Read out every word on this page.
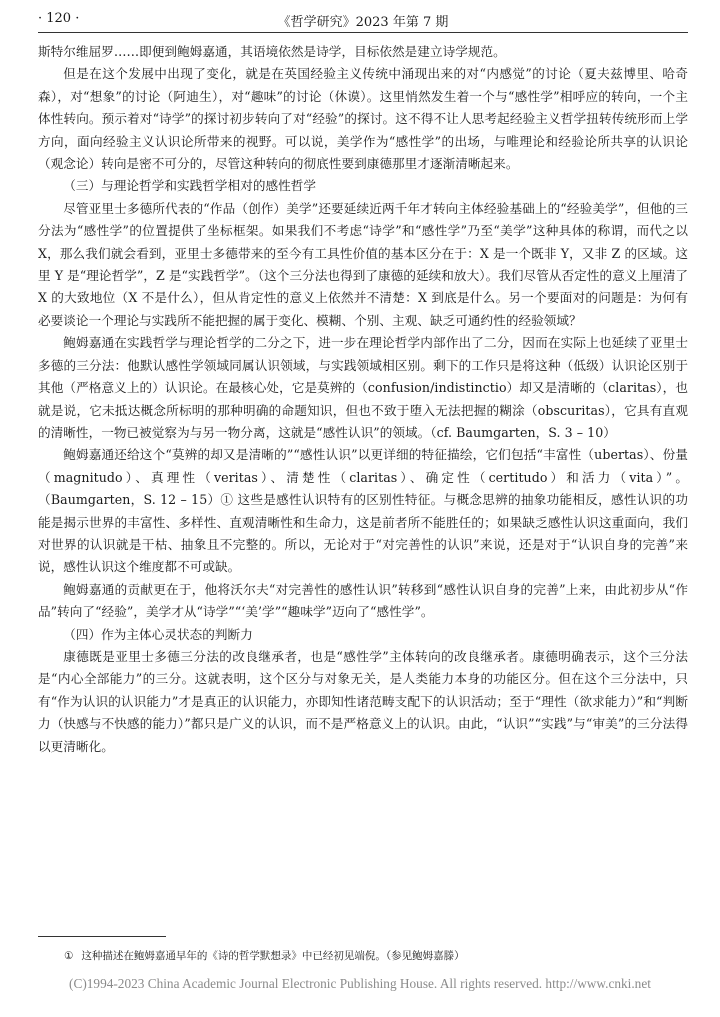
· 120 ·	《哲学研究》2023 年第 7 期

斯特尔维屈罗……即便到鲍姆嘉通，其语境依然是诗学，目标依然是建立诗学规范。

但是在这个发展中出现了变化，就是在英国经验主义传统中涌现出来的对“内感觉”的讨论（夏夫兹博里、哈奇森），对“想象”的讨论（阿迪生），对“趣味”的讨论（休谟）。这里悄然发生着一个与“感性学”相呼应的转向，一个主体性转向。预示着对“诗学”的探讨初步转向了对“经验”的探讨。这不得不让人思考起经验主义哲学扭转传统形而上学方向，面向经验主义认识论所带来的视野。可以说，美学作为“感性学”的出场，与唯理论和经验论所共享的认识论（观念论）转向是密不可分的，尽管这种转向的彻底性要到康德那里才逐渐清晰起来。

（三）与理论哲学和实践哲学相对的感性哲学

尽管亚里士多德所代表的“作品（创作）美学”还要延续近两千年才转向主体经验基础上的“经验美学”，但他的三分法为“感性学”的位置提供了坐标框架。如果我们不考虑“诗学”和“感性学”乃至“美学”这种具体的称谓，而代之以 X，那么我们就会看到，亚里士多德带来的至今有工具性价值的基本区分在于：X 是一个既非 Y，又非 Z 的区域。这里 Y 是“理论哲学”，Z 是“实践哲学”。（这个三分法也得到了康德的延续和放大）。我们尽管从否定性的意义上厘清了 X 的大致地位（X 不是什么），但从肯定性的意义上依然并不清楚：X 到底是什么。另一个要面对的问题是：为何有必要谈论一个理论与实践所不能把握的属于变化、模糊、个别、主观、缺乏可通约性的经验领域？

鲍姆嘉通在实践哲学与理论哲学的二分之下，进一步在理论哲学内部作出了二分，因而在实际上也延续了亚里士多德的三分法：他默认感性学领域同属认识领域，与实践领域相区别。剩下的工作只是将这种（低级）认识论区别于其他（严格意义上的）认识论。在最核心处，它是莫辨的（confusion/indistinctio）却又是清晰的（claritas），也就是说，它未抵达概念所标明的那种明确的命题知识，但也不致于堕入无法把握的糊涂（obscuritas），它具有直观的清晰性，一物已被觉察为与另一物分离，这就是“感性认识”的领域。（cf. Baumgarten，S. 3 – 10）

鲍姆嘉通还给这个“莫辨的却又是清晰的”“感性认识”以更详细的特征描绘，它们包括“丰富性（ubertas）、份量（magnitudo）、真理性（veritas）、清楚性（claritas）、确定性（certitudo）和活力（vita）”。（Baumgarten，S. 12 – 15）① 这些是感性认识特有的区别性特征。与概念思辨的抽象功能相反，感性认识的功能是揭示世界的丰富性、多样性、直观清晰性和生命力，这是前者所不能胜任的；如果缺乏感性认识这重面向，我们对世界的认识就是干枯、抽象且不完整的。所以，无论对于“对完善性的认识”来说，还是对于“认识自身的完善”来说，感性认识这个维度都不可或缺。

鲍姆嘉通的贡献更在于，他将沃尔夫“对完善性的感性认识”转移到“感性认识自身的完善”上来，由此初步从“作品”转向了“经验”，美学才从“诗学”“‘美’学”“趣味学”迈向了“感性学”。

（四）作为主体心灵状态的判断力

康德既是亚里士多德三分法的改良继承者，也是“感性学”主体转向的改良继承者。康德明确表示，这个三分法是“内心全部能力”的三分。这就表明，这个区分与对象无关，是人类能力本身的功能区分。但在这个三分法中，只有“作为认识的认识能力”才是真正的认识能力，亦即知性诸范畴支配下的认识活动；至于“理性（欲求能力）”和“判断力（快感与不快感的能力）”都只是广义的认识，而不是严格意义上的认识。由此，“认识”“实践”与“审美”的三分法得以更清晰化。

① 这种描述在鲍姆嘉通早年的《诗的哲学默想录》中已经初见端倪。（参见鲍姆嘉滕）
(C)1994-2023 China Academic Journal Electronic Publishing House. All rights reserved. http://www.cnki.net
